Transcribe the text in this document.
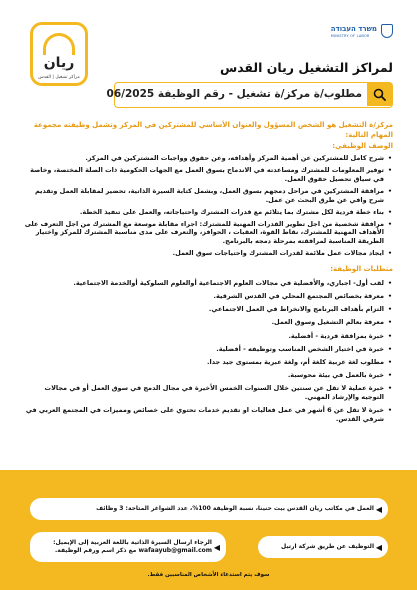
ريان
مراكز تشغيل | القدس
משרד העבודה
MINISTRY OF LABOR
لمراكز التشغيل ريان القدس
مطلوب/ة مركز/ة تشغيل - رقم الوظيفة 06/2025
مركز/ة التشغيل هو الشخص المسؤول والعنوان الأساسي للمشتركين في المركز وتشمل وظيفته مجموعة المهام التالية:
الوصف الوظيفي:
• شرح كامل للمشتركين عن أهمية المركز وأهدافه، وعن حقوق وواجبات المشتركين في المركز.
• توفير المعلومات للمشترك ومساعدته في الاندماج بسوق العمل مع الجهات الحكومية ذات الصلة المختصة، وخاصة في سياق تحصيل حقوق العمل.
• مرافقة المشتركين في مراحل دمجهم بسوق العمل، وبشمل كتابة السيرة الذاتية، تحضير لمقابلة العمل وتقديم شرح وافي عن طرق البحث عن عمل.
• بناء خطة فردية لكل مشترك بما يتلائم مع قدرات المشترك واحتياجاته، والعمل على تنفيذ الخطة.
• مرافقة شخصية من اجل تطوير القدرات المهنية للمشترك: اجراء مقابلة موسعة مع المشترك من اجل التعرف على الأهداف المهنية للمشترك، نقاط القوة، العقبات ، الحوافز، والتعرف على مدى مناسبة المشترك للمركز واختيار الطريقة المناسبة لمرافقته بمرحلة دمجه بالبرنامج.
• ايجاد مجالات عمل ملائمة لقدرات المشترك واحتياجات سوق العمل.
متطلبات الوظيفة:
• لقب أول- اجباري، والأفضلية في مجالات العلوم الاجتماعية أوالعلوم السلوكية أوالخدمة الاجتماعية.
• معرفة بخصائص المجتمع المحلي في القدس الشرقية.
• التزام بأهداف البرنامج والانخراط في العمل الاجتماعي.
• معرفة بعالم التشغيل وسوق العمل.
• خبرة بمرافقة فردية - أفضلية.
• خبرة في اختيار الشخص المناسب وتوظيفه - أفضلية.
• مطلوب لغة عربية كلغة أم، ولغة عبرية بمستوى جيد جدا.
• خبرة بالعمل في بيئة محوسبة.
• خبرة عملية لا تقل عن سنتين خلال السنوات الخمس الأخيرة في مجال الدمج في سوق العمل أو في مجالات التوجيه والإرشاد المهني.
• خبرة لا تقل عن 6 أشهر في عمل فعاليات او تقديم خدمات تحتوي على خصائص ومميزات في المجتمع العربي في شرقي القدس.
◀
العمل في مكاتب ريان القدس بيت حنينا، نسبة الوظيفة 100%، عدد الشواغر المتاحة: 3 وظائف
◀
التوظيف عن طريق شركة ارتيل
◀
الرجاء ارسال السيرة الذاتية باللغة العربية إلى الإيميل: wafaayub@gmail.com مع ذكر اسم ورقم الوظيفة.
سوف يتم استدعاء الأشخاص المناسبين فقط.
